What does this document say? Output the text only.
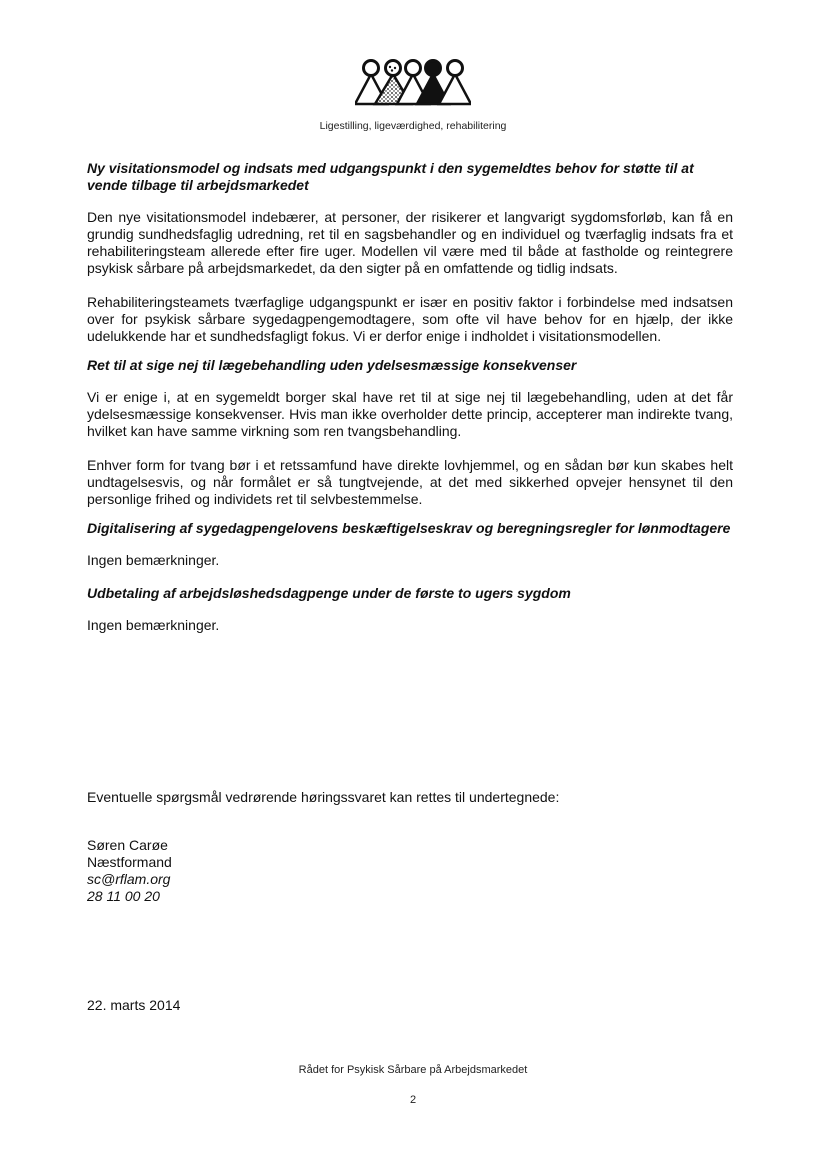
Ligestilling, ligeværdighed, rehabilitering

Ny visitationsmodel og indsats med udgangspunkt i den sygemeldtes behov for støtte til at vende tilbage til arbejdsmarkedet

Den nye visitationsmodel indebærer, at personer, der risikerer et langvarigt sygdomsforløb, kan få en grundig sundhedsfaglig udredning, ret til en sagsbehandler og en individuel og tværfaglig indsats fra et rehabiliteringsteam allerede efter fire uger. Modellen vil være med til både at fastholde og reintegrere psykisk sårbare på arbejdsmarkedet, da den sigter på en omfattende og tidlig indsats.

Rehabiliteringsteamets tværfaglige udgangspunkt er især en positiv faktor i forbindelse med indsatsen over for psykisk sårbare sygedagpengemodtagere, som ofte vil have behov for en hjælp, der ikke udelukkende har et sundhedsfagligt fokus. Vi er derfor enige i indholdet i visitationsmodellen.

Ret til at sige nej til lægebehandling uden ydelsesmæssige konsekvenser

Vi er enige i, at en sygemeldt borger skal have ret til at sige nej til lægebehandling, uden at det får ydelsesmæssige konsekvenser. Hvis man ikke overholder dette princip, accepterer man indirekte tvang, hvilket kan have samme virkning som ren tvangsbehandling.

Enhver form for tvang bør i et retssamfund have direkte lovhjemmel, og en sådan bør kun skabes helt undtagelsesvis, og når formålet er så tungtvejende, at det med sikkerhed opvejer hensynet til den personlige frihed og individets ret til selvbestemmelse.

Digitalisering af sygedagpengelovens beskæftigelseskrav og beregningsregler for lønmodtagere

Ingen bemærkninger.

Udbetaling af arbejdsløshedsdagpenge under de første to ugers sygdom

Ingen bemærkninger.

Eventuelle spørgsmål vedrørende høringssvaret kan rettes til undertegnede:
Søren Carøe
Næstformand
sc@rflam.org
28 11 00 20
22. marts 2014
Rådet for Psykisk Sårbare på Arbejdsmarkedet
2
